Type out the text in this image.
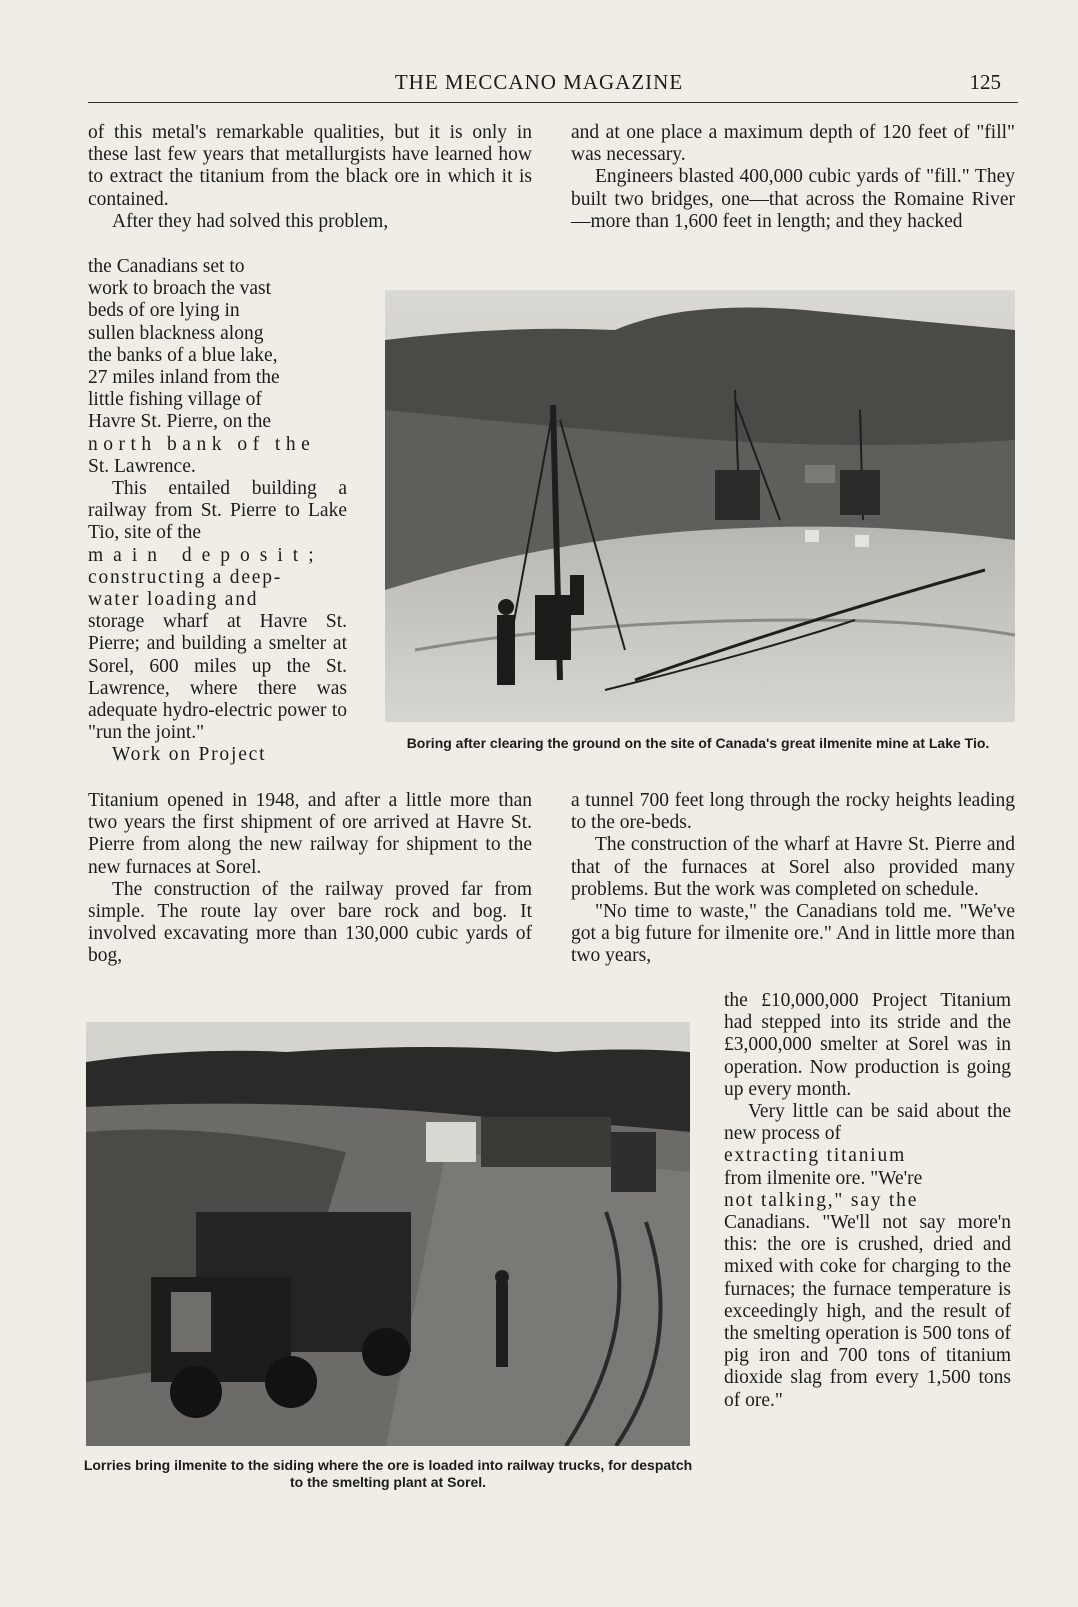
THE MECCANO MAGAZINE	125

of this metal's remarkable qualities, but it is only in these last few years that metallurgists have learned how to extract the titanium from the black ore in which it is contained.

After they had solved this problem,

the Canadians set to

work to broach the vast

beds of ore lying in

sullen blackness along

the banks of a blue lake,

27 miles inland from the

little fishing village of

Havre St. Pierre, on the

north bank of the

St. Lawrence.

This entailed building a railway from St. Pierre to Lake Tio, site of the

main deposit;

constructing a deep-

water loading and

storage wharf at Havre St. Pierre; and building a smelter at Sorel, 600 miles up the St. Lawrence, where there was adequate hydro-electric power to "run the joint."

Work on Project

Titanium opened in 1948, and after a little more than two years the first shipment of ore arrived at Havre St. Pierre from along the new railway for shipment to the new furnaces at Sorel.

The construction of the railway proved far from simple. The route lay over bare rock and bog. It involved excavating more than 130,000 cubic yards of bog,

and at one place a maximum depth of 120 feet of "fill" was necessary.

Engineers blasted 400,000 cubic yards of "fill." They built two bridges, one—that across the Romaine River—more than 1,600 feet in length; and they hacked

Boring after clearing the ground on the site of Canada's great ilmenite mine at Lake Tio.

a tunnel 700 feet long through the rocky heights leading to the ore-beds.

The construction of the wharf at Havre St. Pierre and that of the furnaces at Sorel also provided many problems. But the work was completed on schedule.

"No time to waste," the Canadians told me. "We've got a big future for ilmenite ore." And in little more than two years,

the £10,000,000 Project Titanium had stepped into its stride and the £3,000,000 smelter at Sorel was in operation. Now production is going up every month.

Very little can be said about the new process of

extracting titanium

from ilmenite ore. "We're

not talking," say the

Canadians. "We'll not say more'n this: the ore is crushed, dried and mixed with coke for charging to the furnaces; the furnace temperature is exceedingly high, and the result of the smelting operation is 500 tons of pig iron and 700 tons of titanium dioxide slag from every 1,500 tons of ore."

Lorries bring ilmenite to the siding where the ore is loaded into railway trucks, for despatch to the smelting plant at Sorel.
